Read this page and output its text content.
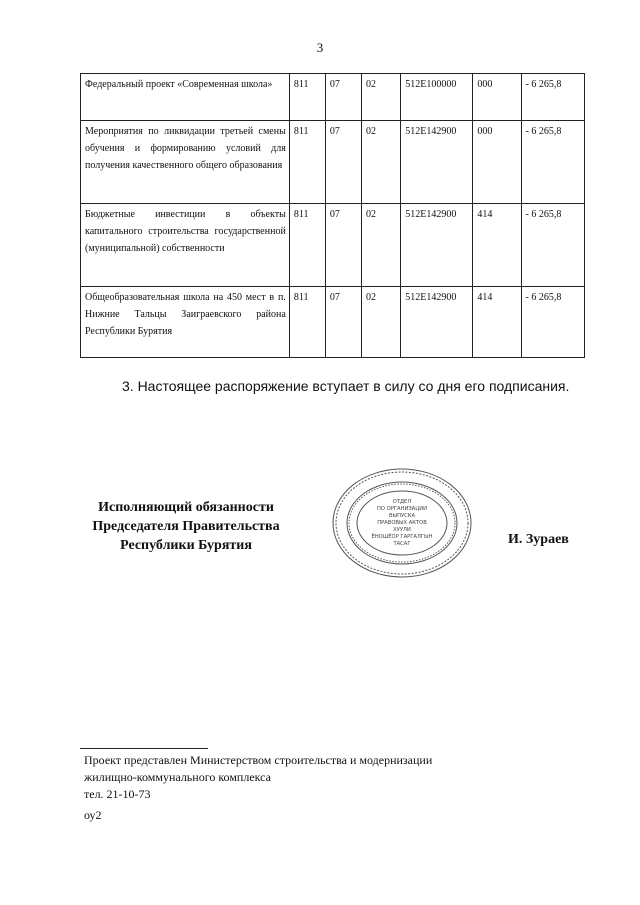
3
Федеральный проект «Современная школа»	811	07	02	512E100000	000	- 6 265,8
Мероприятия по ликвидации третьей смены обучения и формированию условий для получения качественного общего образования	811	07	02	512E142900	000	- 6 265,8
Бюджетные инвестиции в объекты капитального строительства государственной (муниципальной) собственности	811	07	02	512E142900	414	- 6 265,8
Общеобразовательная школа на 450 мест в п. Нижние Тальцы Заиграевского района Республики Бурятия	811	07	02	512E142900	414	- 6 265,8
3. Настоящее распоряжение вступает в силу со дня его подписания.
Исполняющий обязанности
Председателя Правительства
Республики Бурятия
ОТДЕЛ
ПО ОРГАНИЗАЦИИ
ВЫПУСКА
ПРАВОВЫХ АКТОВ
ХУУЛИ
ЁНОШЁОР ГАРГАЛГЫН
ТАСАГ	И. Зураев
Проект представлен Министерством строительства и модернизации
жилищно-коммунального комплекса
тел. 21-10-73
оу2
